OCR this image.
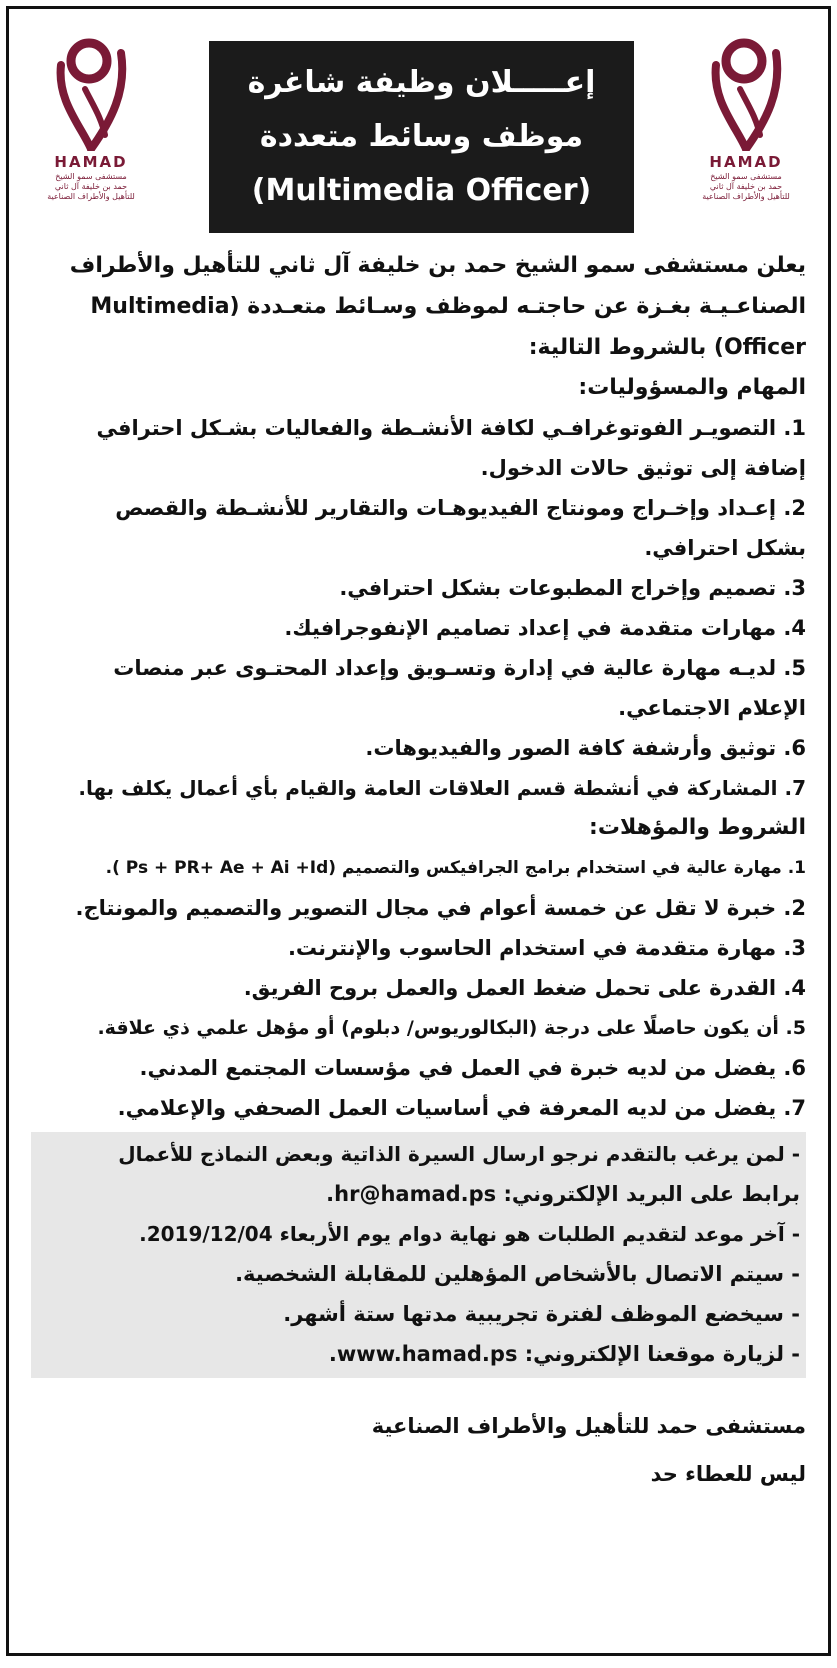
HAMAD
مستشفى سمو الشيخ
حمد بن خليفة آل ثاني
للتأهيل والأطراف الصناعية
HAMAD
مستشفى سمو الشيخ
حمد بن خليفة آل ثاني
للتأهيل والأطراف الصناعية
إعـــــلان وظيفة شاغرة
موظف وسائط متعددة
(Multimedia Officer)
يعلن مستشفى سمو الشيخ حمد بن خليفة آل ثاني للتأهيل والأطراف
الصناعـيـة بغـزة عن حاجتـه لموظف وسـائط متعـددة (Multimedia
Officer) بالشروط التالية:
المهام والمسؤوليات:
1. التصويـر الفوتوغرافـي لكافة الأنشـطة والفعاليات بشـكل احترافي
إضافة إلى توثيق حالات الدخول.
2. إعـداد وإخـراج ومونتاج الفيديوهـات والتقارير للأنشـطة والقصص
بشكل احترافي.
3. تصميم وإخراج المطبوعات بشكل احترافي.
4. مهارات متقدمة في إعداد تصاميم الإنفوجرافيك.
5. لديـه مهارة عالية في إدارة وتسـويق وإعداد المحتـوى عبر منصات
الإعلام الاجتماعي.
6. توثيق وأرشفة كافة الصور والفيديوهات.
7. المشاركة في أنشطة قسم العلاقات العامة والقيام بأي أعمال يكلف بها.
الشروط والمؤهلات:
1. مهارة عالية في استخدام برامج الجرافيكس والتصميم (Ps + PR+ Ae + Ai +Id ).
2. خبرة لا تقل عن خمسة أعوام في مجال التصوير والتصميم والمونتاج.
3. مهارة متقدمة في استخدام الحاسوب والإنترنت.
4. القدرة على تحمل ضغط العمل والعمل بروح الفريق.
5. أن يكون حاصلًا على درجة (البكالوريوس/ دبلوم) أو مؤهل علمي ذي علاقة.
6. يفضل من لديه خبرة في العمل في مؤسسات المجتمع المدني.
7. يفضل من لديه المعرفة في أساسيات العمل الصحفي والإعلامي.
- لمن يرغب بالتقدم نرجو ارسال السيرة الذاتية وبعض النماذج للأعمال
برابط على البريد الإلكتروني: hr@hamad.ps.
- آخر موعد لتقديم الطلبات هو نهاية دوام يوم الأربعاء 2019/12/04.
- سيتم الاتصال بالأشخاص المؤهلين للمقابلة الشخصية.
- سيخضع الموظف لفترة تجريبية مدتها ستة أشهر.
- لزيارة موقعنا الإلكتروني: www.hamad.ps.
مستشفى حمد للتأهيل والأطراف الصناعية
ليس للعطاء حد
